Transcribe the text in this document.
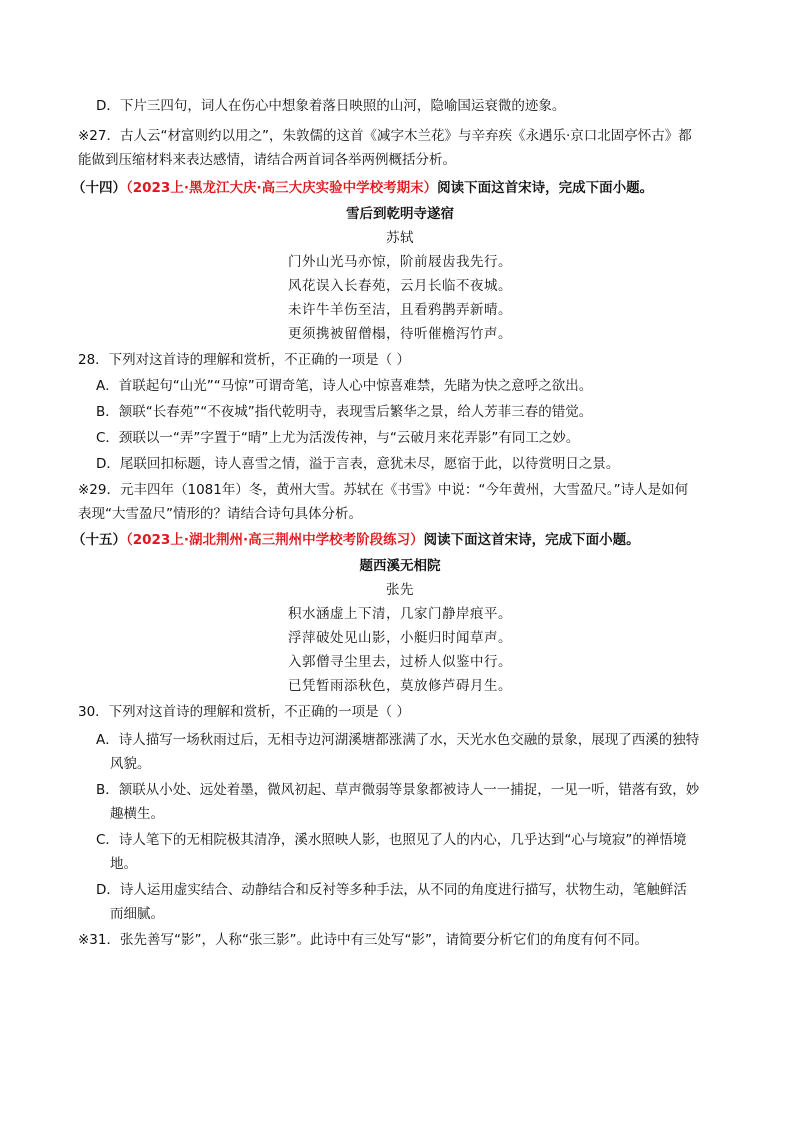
D．下片三四句，词人在伤心中想象着落日映照的山河，隐喻国运衰微的迹象。
※27．古人云“材富则约以用之”，朱敦儒的这首《减字木兰花》与辛弃疾《永遇乐·京口北固亭怀古》都
能做到压缩材料来表达感情，请结合两首词各举两例概括分析。
（十四）（2023上·黑龙江大庆·高三大庆实验中学校考期末）阅读下面这首宋诗，完成下面小题。
雪后到乾明寺遂宿
苏轼
门外山光马亦惊，阶前屐齿我先行。
风花误入长春苑，云月长临不夜城。
未许牛羊伤至洁，且看鸦鹊弄新晴。
更须携被留僧榻，待听催檐泻竹声。
28．下列对这首诗的理解和赏析，不正确的一项是（ ）
A．首联起句“山光”“马惊”可谓奇笔，诗人心中惊喜难禁，先睹为快之意呼之欲出。
B．颔联“长春苑”“不夜城”指代乾明寺，表现雪后繁华之景，给人芳菲三春的错觉。
C．颈联以一“弄”字置于“晴”上尤为活泼传神，与“云破月来花弄影”有同工之妙。
D．尾联回扣标题，诗人喜雪之情，溢于言表，意犹未尽，愿宿于此，以待赏明日之景。
※29．元丰四年（1081年）冬，黄州大雪。苏轼在《书雪》中说：“今年黄州，大雪盈尺。”诗人是如何
表现“大雪盈尺”情形的？请结合诗句具体分析。
（十五）（2023上·湖北荆州·高三荆州中学校考阶段练习）阅读下面这首宋诗，完成下面小题。
题西溪无相院
张先
积水涵虚上下清，几家门静岸痕平。
浮萍破处见山影，小艇归时闻草声。
入郭僧寻尘里去，过桥人似鉴中行。
已凭暂雨添秋色，莫放修芦碍月生。
30．下列对这首诗的理解和赏析，不正确的一项是（ ）
A．诗人描写一场秋雨过后，无相寺边河湖溪塘都涨满了水，天光水色交融的景象，展现了西溪的独特
风貌。
B．颔联从小处、远处着墨，微风初起、草声微弱等景象都被诗人一一捕捉，一见一听，错落有致，妙
趣横生。
C．诗人笔下的无相院极其清净，溪水照映人影，也照见了人的内心，几乎达到“心与境寂”的禅悟境
地。
D．诗人运用虚实结合、动静结合和反衬等多种手法，从不同的角度进行描写，状物生动，笔触鲜活
而细腻。
※31．张先善写“影”，人称“张三影”。此诗中有三处写“影”，请简要分析它们的角度有何不同。
